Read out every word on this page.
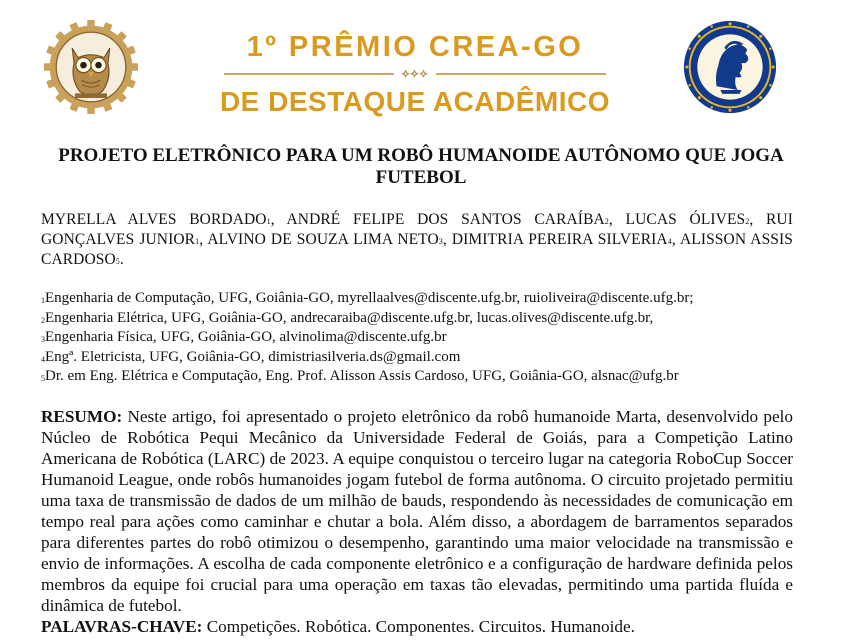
1º PRÊMIO CREA-GO
⟡⟡⟡
DE DESTAQUE ACADÊMICO
PROJETO ELETRÔNICO PARA UM ROBÔ HUMANOIDE AUTÔNOMO QUE JOGA FUTEBOL
MYRELLA ALVES BORDADO$^1$, ANDRÉ FELIPE DOS SANTOS CARAÍBA$^2$, LUCAS ÓLIVES$^2$, RUI GONÇALVES JUNIOR$^1$, ALVINO DE SOUZA LIMA NETO$^3$, DIMITRIA PEREIRA SILVERIA$^4$, ALISSON ASSIS CARDOSO$^5$.
$^1$Engenharia de Computação, UFG, Goiânia-GO, myrellaalves@discente.ufg.br, ruioliveira@discente.ufg.br;
$^2$Engenharia Elétrica, UFG, Goiânia-GO, andrecaraiba@discente.ufg.br, lucas.olives@discente.ufg.br,
$^3$Engenharia Física, UFG, Goiânia-GO, alvinolima@discente.ufg.br
$^4$Engª. Eletricista, UFG, Goiânia-GO, dimistriasilveria.ds@gmail.com
$^5$Dr. em Eng. Elétrica e Computação, Eng. Prof. Alisson Assis Cardoso, UFG, Goiânia-GO, alsnac@ufg.br
RESUMO: Neste artigo, foi apresentado o projeto eletrônico da robô humanoide Marta, desenvolvido pelo Núcleo de Robótica Pequi Mecânico da Universidade Federal de Goiás, para a Competição Latino Americana de Robótica (LARC) de 2023. A equipe conquistou o terceiro lugar na categoria RoboCup Soccer Humanoid League, onde robôs humanoides jogam futebol de forma autônoma. O circuito projetado permitiu uma taxa de transmissão de dados de um milhão de bauds, respondendo às necessidades de comunicação em tempo real para ações como caminhar e chutar a bola. Além disso, a abordagem de barramentos separados para diferentes partes do robô otimizou o desempenho, garantindo uma maior velocidade na transmissão e envio de informações. A escolha de cada componente eletrônico e a configuração de hardware definida pelos membros da equipe foi crucial para uma operação em taxas tão elevadas, permitindo uma partida fluída e dinâmica de futebol.
PALAVRAS-CHAVE: Competições. Robótica. Componentes. Circuitos. Humanoide.
